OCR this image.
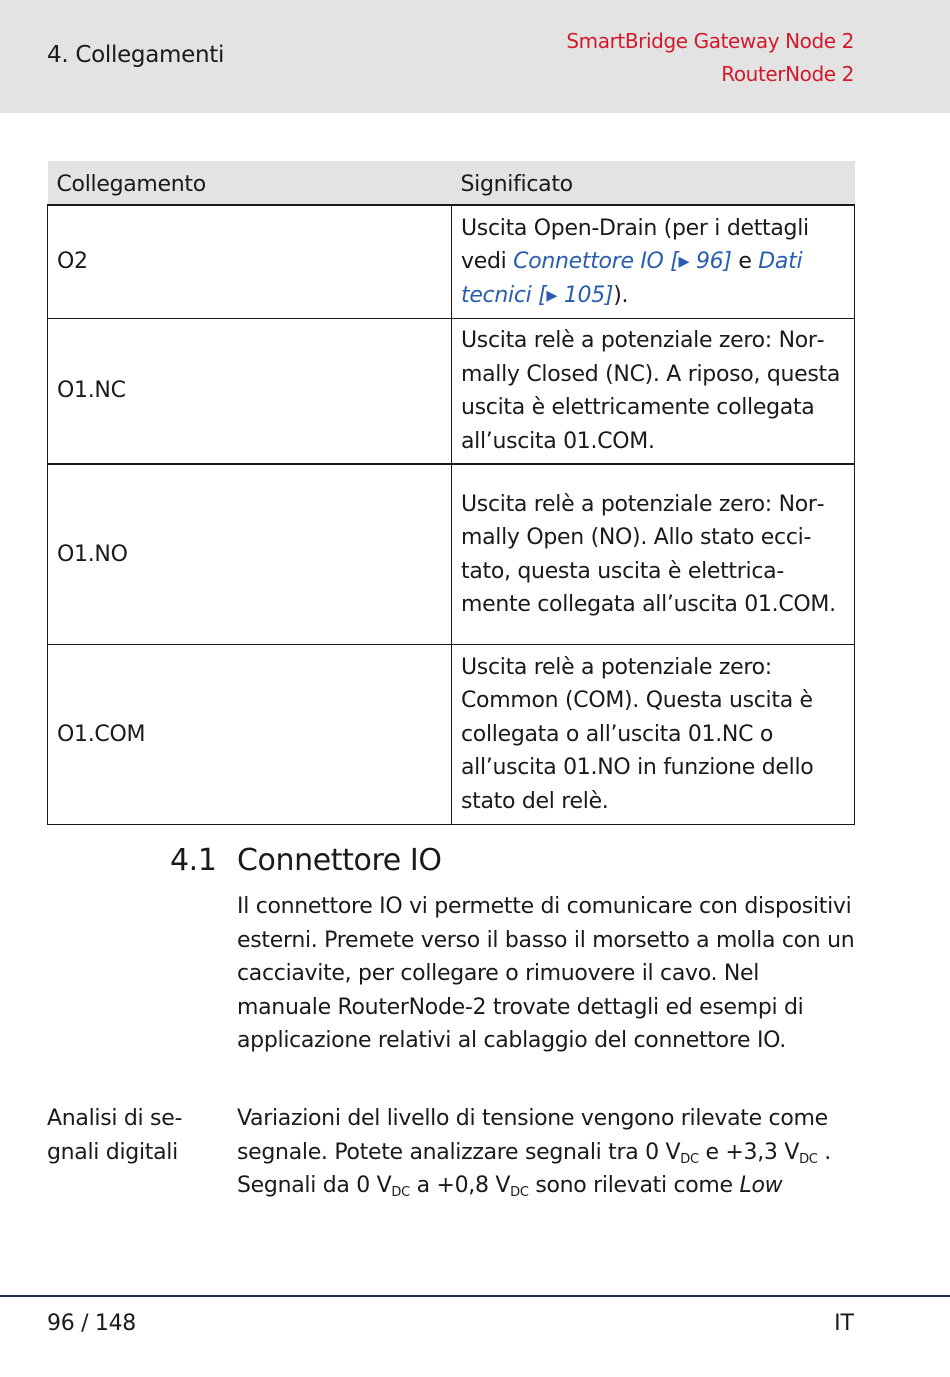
4. Collegamenti
SmartBridge Gateway Node 2
RouterNode 2
Collegamento	Significato
O2	Uscita Open-Drain (per i dettagli vedi Connettore IO [▸ 96] e Dati tecnici [▸ 105]).
O1.NC	Uscita relè a potenziale zero: Normally Closed (NC). A riposo, questa uscita è elettricamente collegata all’uscita 01.COM.
O1.NO	Uscita relè a potenziale zero: Normally Open (NO). Allo stato eccitato, questa uscita è elettricamente collegata all’uscita 01.COM.
O1.COM	Uscita relè a potenziale zero: Common (COM). Questa uscita è collegata o all’uscita 01.NC o all’uscita 01.NO in funzione dello stato del relè.
4.1 Connettore IO
Il connettore IO vi permette di comunicare con dispositivi esterni. Premete verso il basso il morsetto a molla con un cacciavite, per collegare o rimuovere il cavo. Nel manuale RouterNode-2 trovate dettagli ed esempi di applicazione relativi al cablaggio del connettore IO.
Analisi di segnali digitali
Variazioni del livello di tensione vengono rilevate come segnale. Potete analizzare segnali tra 0 $V_{DC}$ e +3,3 $V_{DC}$ . Segnali da 0 $V_{DC}$ a +0,8 $V_{DC}$ sono rilevati come Low
96 / 148	IT
